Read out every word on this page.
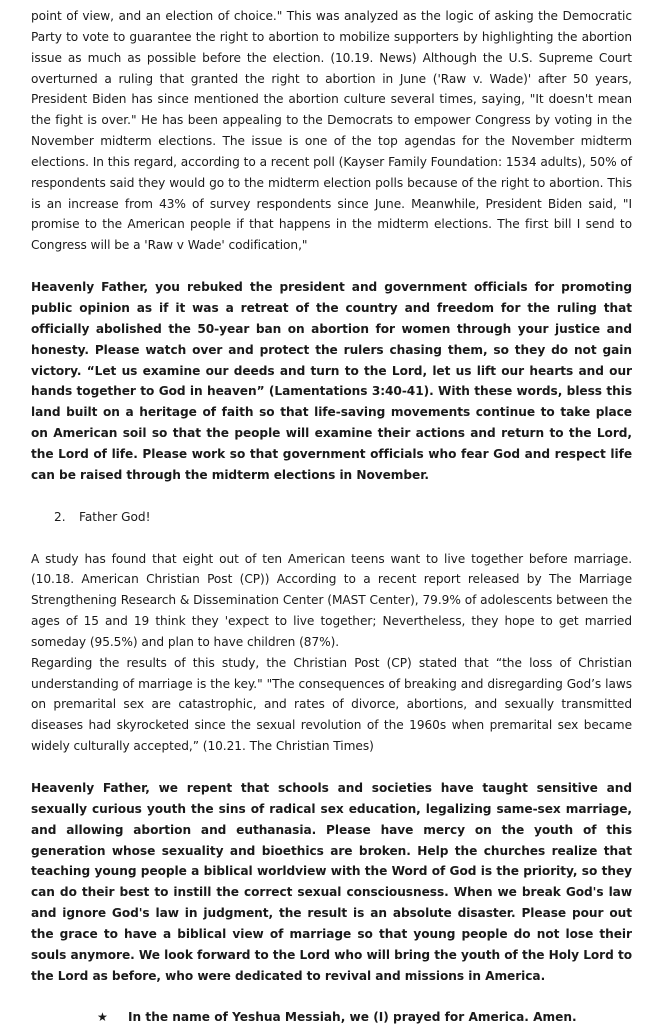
point of view, and an election of choice." This was analyzed as the logic of asking the Democratic Party to vote to guarantee the right to abortion to mobilize supporters by highlighting the abortion issue as much as possible before the election. (10.19. News) Although the U.S. Supreme Court overturned a ruling that granted the right to abortion in June ('Raw v. Wade)' after 50 years, President Biden has since mentioned the abortion culture several times, saying, "It doesn't mean the fight is over." He has been appealing to the Democrats to empower Congress by voting in the November midterm elections. The issue is one of the top agendas for the November midterm elections. In this regard, according to a recent poll (Kayser Family Foundation: 1534 adults), 50% of respondents said they would go to the midterm election polls because of the right to abortion. This is an increase from 43% of survey respondents since June. Meanwhile, President Biden said, "I promise to the American people if that happens in the midterm elections. The first bill I send to Congress will be a 'Raw v Wade' codification,"

Heavenly Father, you rebuked the president and government officials for promoting public opinion as if it was a retreat of the country and freedom for the ruling that officially abolished the 50-year ban on abortion for women through your justice and honesty. Please watch over and protect the rulers chasing them, so they do not gain victory. “Let us examine our deeds and turn to the Lord, let us lift our hearts and our hands together to God in heaven” (Lamentations 3:40-41). With these words, bless this land built on a heritage of faith so that life-saving movements continue to take place on American soil so that the people will examine their actions and return to the Lord, the Lord of life. Please work so that government officials who fear God and respect life can be raised through the midterm elections in November.

2. Father God!

A study has found that eight out of ten American teens want to live together before marriage. (10.18. American Christian Post (CP)) According to a recent report released by The Marriage Strengthening Research & Dissemination Center (MAST Center), 79.9% of adolescents between the ages of 15 and 19 think they 'expect to live together; Nevertheless, they hope to get married someday (95.5%) and plan to have children (87%).

Regarding the results of this study, the Christian Post (CP) stated that “the loss of Christian understanding of marriage is the key." "The consequences of breaking and disregarding God’s laws on premarital sex are catastrophic, and rates of divorce, abortions, and sexually transmitted diseases had skyrocketed since the sexual revolution of the 1960s when premarital sex became widely culturally accepted,” (10.21. The Christian Times)

Heavenly Father, we repent that schools and societies have taught sensitive and sexually curious youth the sins of radical sex education, legalizing same-sex marriage, and allowing abortion and euthanasia. Please have mercy on the youth of this generation whose sexuality and bioethics are broken. Help the churches realize that teaching young people a biblical worldview with the Word of God is the priority, so they can do their best to instill the correct sexual consciousness. When we break God's law and ignore God's law in judgment, the result is an absolute disaster. Please pour out the grace to have a biblical view of marriage so that young people do not lose their souls anymore. We look forward to the Lord who will bring the youth of the Holy Lord to the Lord as before, who were dedicated to revival and missions in America.

★ In the name of Yeshua Messiah, we (I) prayed for America. Amen.
